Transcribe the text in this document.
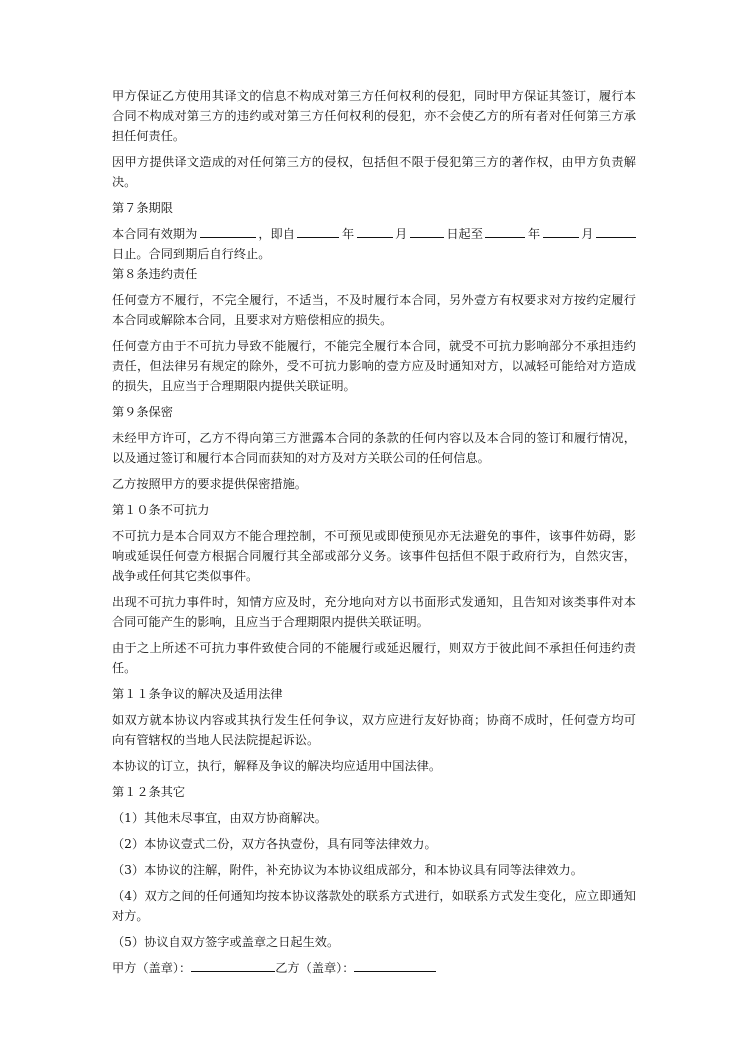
甲方保证乙方使用其译文的信息不构成对第三方任何权利的侵犯，同时甲方保证其签订，履行本合同不构成对第三方的违约或对第三方任何权利的侵犯，亦不会使乙方的所有者对任何第三方承担任何责任。

因甲方提供译文造成的对任何第三方的侵权，包括但不限于侵犯第三方的著作权，由甲方负责解决。

第７条期限

本合同有效期为	，即自	年	月	日起至	年	月

日止。合同到期后自行终止。

第８条违约责任

任何壹方不履行，不完全履行，不适当，不及时履行本合同，另外壹方有权要求对方按约定履行本合同或解除本合同，且要求对方赔偿相应的损失。

任何壹方由于不可抗力导致不能履行，不能完全履行本合同，就受不可抗力影响部分不承担违约责任，但法律另有规定的除外，受不可抗力影响的壹方应及时通知对方，以减轻可能给对方造成的损失，且应当于合理期限内提供关联证明。

第９条保密

未经甲方许可，乙方不得向第三方泄露本合同的条款的任何内容以及本合同的签订和履行情况，以及通过签订和履行本合同而获知的对方及对方关联公司的任何信息。

乙方按照甲方的要求提供保密措施。

第１０条不可抗力

不可抗力是本合同双方不能合理控制，不可预见或即使预见亦无法避免的事件，该事件妨碍，影响或延误任何壹方根据合同履行其全部或部分义务。该事件包括但不限于政府行为，自然灾害，战争或任何其它类似事件。

出现不可抗力事件时，知情方应及时，充分地向对方以书面形式发通知，且告知对该类事件对本合同可能产生的影响，且应当于合理期限内提供关联证明。

由于之上所述不可抗力事件致使合同的不能履行或延迟履行，则双方于彼此间不承担任何违约责任。

第１１条争议的解决及适用法律

如双方就本协议内容或其执行发生任何争议，双方应进行友好协商；协商不成时，任何壹方均可向有管辖权的当地人民法院提起诉讼。

本协议的订立，执行，解释及争议的解决均应适用中国法律。

第１２条其它

（1）其他未尽事宜，由双方协商解决。

（2）本协议壹式二份，双方各执壹份，具有同等法律效力。

（3）本协议的注解，附件，补充协议为本协议组成部分，和本协议具有同等法律效力。

（4）双方之间的任何通知均按本协议落款处的联系方式进行，如联系方式发生变化，应立即通知对方。

（5）协议自双方签字或盖章之日起生效。

甲方（盖章）：	乙方（盖章）：
